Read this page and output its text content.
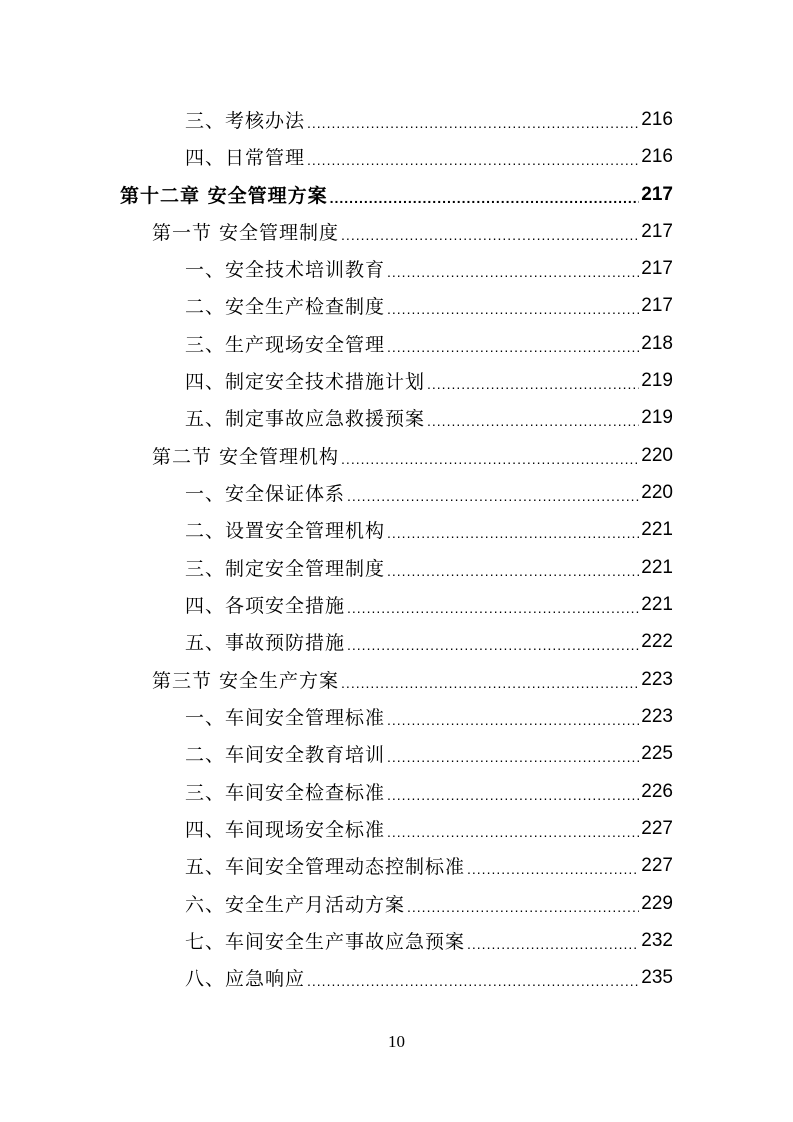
三、考核办法 .....	216
四、日常管理 .....	216
第十二章 安全管理方案 .....	217
第一节 安全管理制度 .....	217
一、安全技术培训教育 .....	217
二、安全生产检查制度 .....	217
三、生产现场安全管理 .....	218
四、制定安全技术措施计划 .....	219
五、制定事故应急救援预案 .....	219
第二节 安全管理机构 .....	220
一、安全保证体系 .....	220
二、设置安全管理机构 .....	221
三、制定安全管理制度 .....	221
四、各项安全措施 .....	221
五、事故预防措施 .....	222
第三节 安全生产方案 .....	223
一、车间安全管理标准 .....	223
二、车间安全教育培训 .....	225
三、车间安全检查标准 .....	226
四、车间现场安全标准 .....	227
五、车间安全管理动态控制标准 .....	227
六、安全生产月活动方案 .....	229
七、车间安全生产事故应急预案 .....	232
八、应急响应 .....	235
10
